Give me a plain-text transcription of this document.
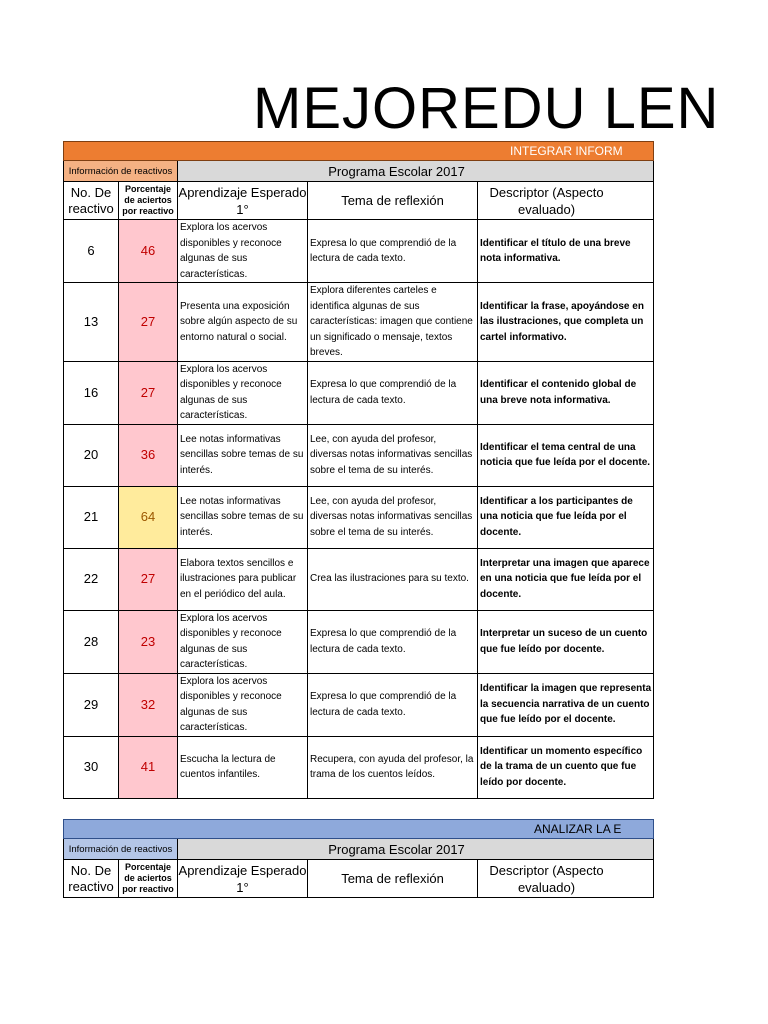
MEJOREDU LEN
INTEGRAR INFORM				
Información de reactivos		Programa Escolar 2017		
No. De reactivo	Porcentaje de aciertos por reactivo	Aprendizaje Esperado 1°	Tema de reflexión	Descriptor (Aspecto evaluado)
6	46	Explora los acervos disponibles y reconoce algunas de sus características.	Expresa lo que comprendió de la lectura de cada texto.	Identificar el título de una breve nota informativa.
13	27	Presenta una exposición sobre algún aspecto de su entorno natural o social.	Explora diferentes carteles e identifica algunas de sus características: imagen que contiene un significado o mensaje, textos breves.	Identificar la frase, apoyándose en las ilustraciones, que completa un cartel informativo.
16	27	Explora los acervos disponibles y reconoce algunas de sus características.	Expresa lo que comprendió de la lectura de cada texto.	Identificar el contenido global de una breve nota informativa.
20	36	Lee notas informativas sencillas sobre temas de su interés.	Lee, con ayuda del profesor, diversas notas informativas sencillas sobre el tema de su interés.	Identificar el tema central de una noticia que fue leída por el docente.
21	64	Lee notas informativas sencillas sobre temas de su interés.	Lee, con ayuda del profesor, diversas notas informativas sencillas sobre el tema de su interés.	Identificar a los participantes de una noticia que fue leída por el docente.
22	27	Elabora textos sencillos e ilustraciones para publicar en el periódico del aula.	Crea las ilustraciones para su texto.	Interpretar una imagen que aparece en una noticia que fue leída por el docente.
28	23	Explora los acervos disponibles y reconoce algunas de sus características.	Expresa lo que comprendió de la lectura de cada texto.	Interpretar un suceso de un cuento que fue leído por docente.
29	32	Explora los acervos disponibles y reconoce algunas de sus características.	Expresa lo que comprendió de la lectura de cada texto.	Identificar la imagen que representa la secuencia narrativa de un cuento que fue leído por el docente.
30	41	Escucha la lectura de cuentos infantiles.	Recupera, con ayuda del profesor, la trama de los cuentos leídos.	Identificar un momento específico de la trama de un cuento que fue leído por docente.
ANALIZAR LA E				
Información de reactivos		Programa Escolar 2017		
No. De reactivo	Porcentaje de aciertos por reactivo	Aprendizaje Esperado 1°	Tema de reflexión	Descriptor (Aspecto evaluado)
